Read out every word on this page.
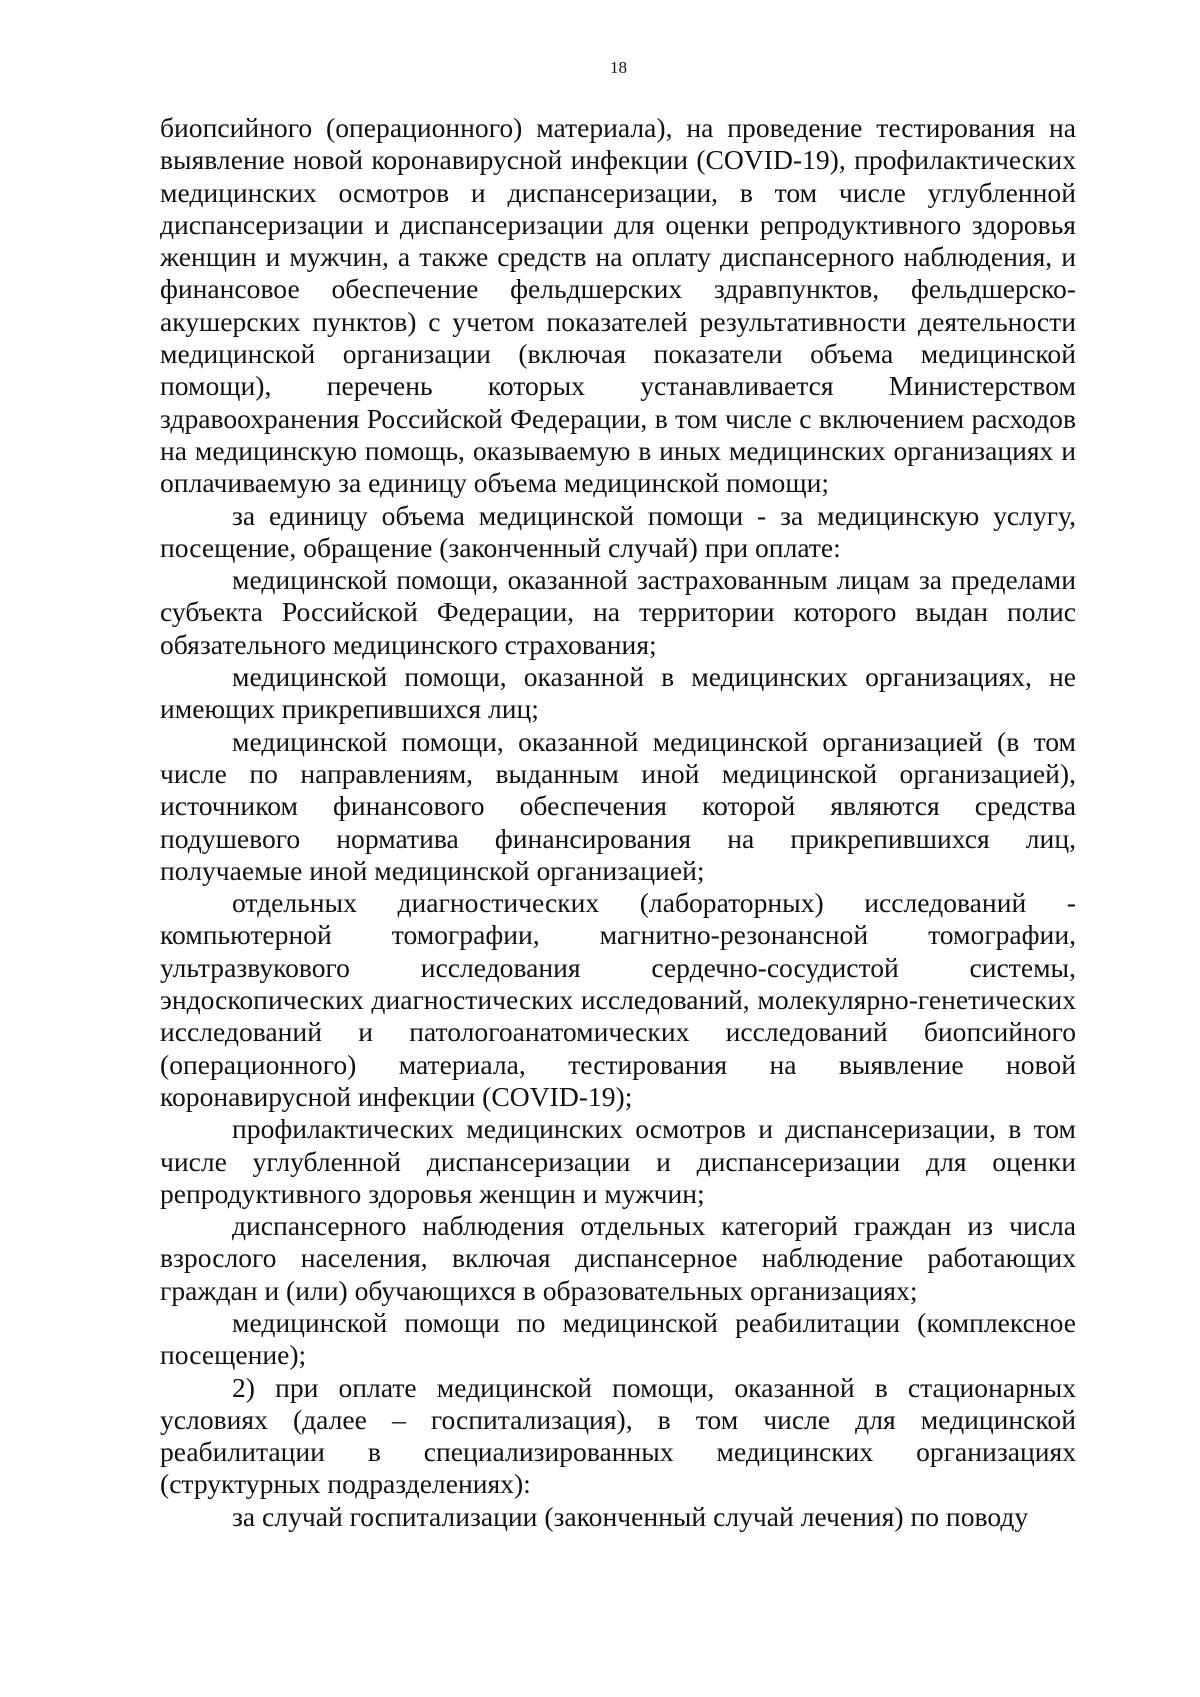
18

биопсийного (операционного) материала), на проведение тестирования на выявление новой коронавирусной инфекции (COVID-19), профилактических медицинских осмотров и диспансеризации, в том числе углубленной диспансеризации и диспансеризации для оценки репродуктивного здоровья женщин и мужчин, а также средств на оплату диспансерного наблюдения, и финансовое обеспечение фельдшерских здравпунктов, фельдшерско-акушерских пунктов) с учетом показателей результативности деятельности медицинской организации (включая показатели объема медицинской помощи), перечень которых устанавливается Министерством здравоохранения Российской Федерации, в том числе с включением расходов на медицинскую помощь, оказываемую в иных медицинских организациях и оплачиваемую за единицу объема медицинской помощи;

за единицу объема медицинской помощи - за медицинскую услугу, посещение, обращение (законченный случай) при оплате:

медицинской помощи, оказанной застрахованным лицам за пределами субъекта Российской Федерации, на территории которого выдан полис обязательного медицинского страхования;

медицинской помощи, оказанной в медицинских организациях, не имеющих прикрепившихся лиц;

медицинской помощи, оказанной медицинской организацией (в том числе по направлениям, выданным иной медицинской организацией), источником финансового обеспечения которой являются средства подушевого норматива финансирования на прикрепившихся лиц, получаемые иной медицинской организацией;

отдельных диагностических (лабораторных) исследований - компьютерной томографии, магнитно-резонансной томографии, ультразвукового исследования сердечно-сосудистой системы, эндоскопических диагностических исследований, молекулярно-генетических исследований и патологоанатомических исследований биопсийного (операционного) материала, тестирования на выявление новой коронавирусной инфекции (COVID-19);

профилактических медицинских осмотров и диспансеризации, в том числе углубленной диспансеризации и диспансеризации для оценки репродуктивного здоровья женщин и мужчин;

диспансерного наблюдения отдельных категорий граждан из числа взрослого населения, включая диспансерное наблюдение работающих граждан и (или) обучающихся в образовательных организациях;

медицинской помощи по медицинской реабилитации (комплексное посещение);

2) при оплате медицинской помощи, оказанной в стационарных условиях (далее – госпитализация), в том числе для медицинской реабилитации в специализированных медицинских организациях (структурных подразделениях):

за случай госпитализации (законченный случай лечения) по поводу
